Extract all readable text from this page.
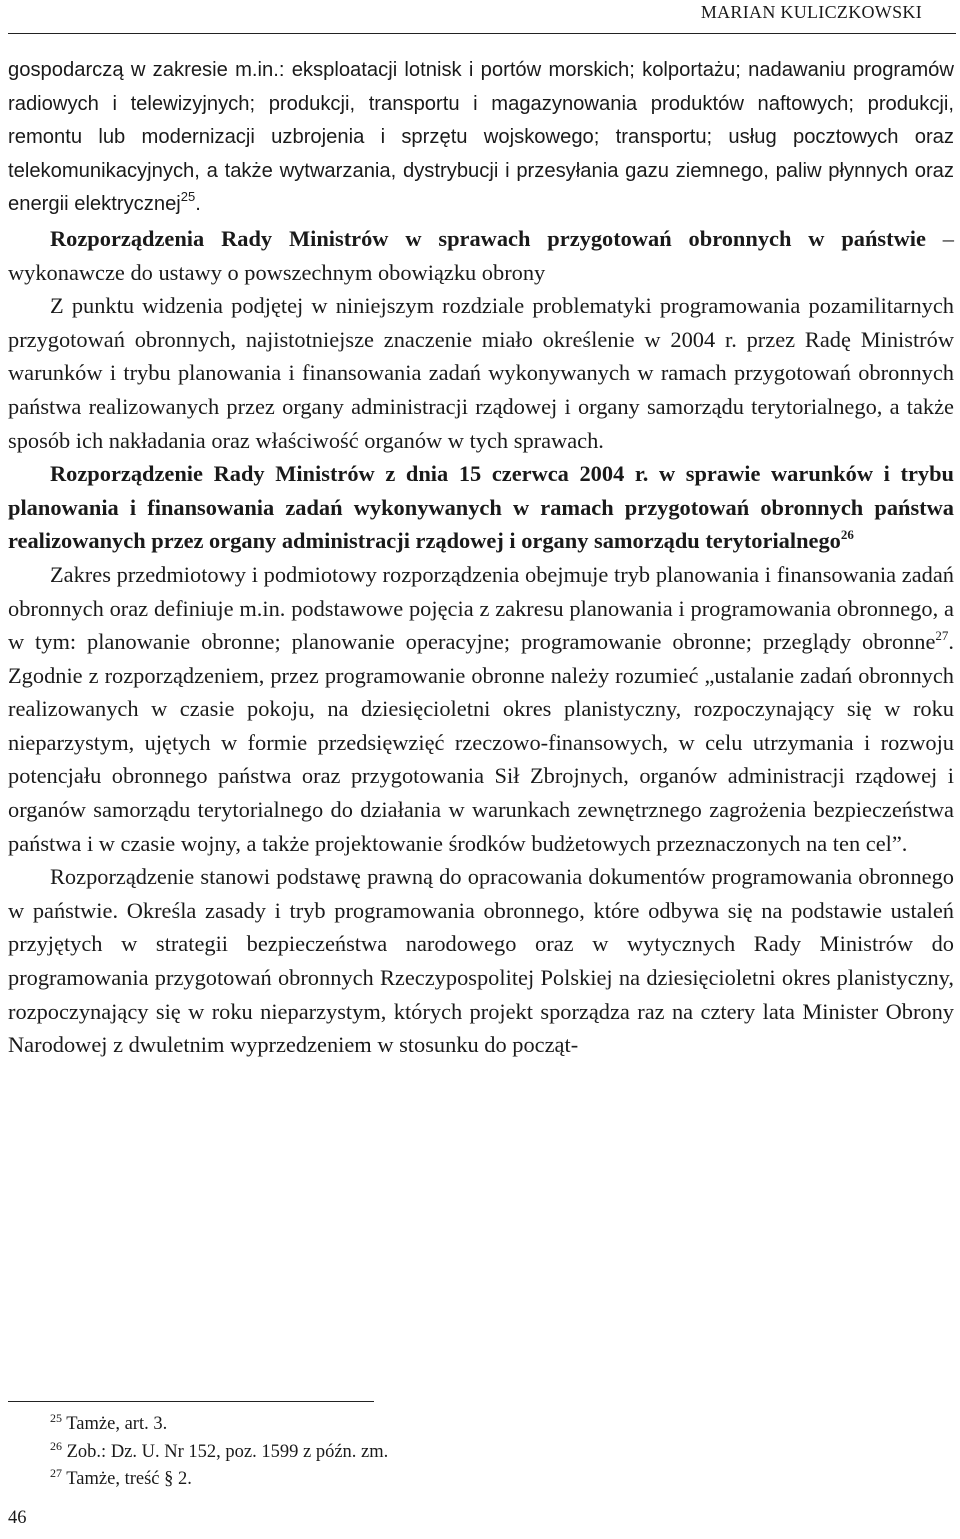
MARIAN KULICZKOWSKI

gospodarczą w zakresie m.in.: eksploatacji lotnisk i portów morskich; kolportażu; nadawaniu programów radiowych i telewizyjnych; produkcji, transportu i magazynowania produktów naftowych; produkcji, remontu lub modernizacji uzbrojenia i sprzętu wojskowego; transportu; usług pocztowych oraz telekomunikacyjnych, a także wytwarzania, dystrybucji i przesyłania gazu ziemnego, paliw płynnych oraz energii elektrycznej$^{25}$.

Rozporządzenia Rady Ministrów w sprawach przygotowań obronnych w państwie –wykonawcze do ustawy o powszechnym obowiązku obrony

Z punktu widzenia podjętej w niniejszym rozdziale problematyki programowania pozamilitarnych przygotowań obronnych, najistotniejsze znaczenie miało określenie w 2004 r. przez Radę Ministrów warunków i trybu planowania i finansowania zadań wykonywanych w ramach przygotowań obronnych państwa realizowanych przez organy administracji rządowej i organy samorządu terytorialnego, a także sposób ich nakładania oraz właściwość organów w tych sprawach.

Rozporządzenie Rady Ministrów z dnia 15 czerwca 2004 r. w sprawie warunków i trybu planowania i finansowania zadań wykonywanych w ramach przygotowań obronnych państwa realizowanych przez organy administracji rządowej i organy samorządu terytorialnego$^{26}$

Zakres przedmiotowy i podmiotowy rozporządzenia obejmuje tryb planowania i finansowania zadań obronnych oraz definiuje m.in. podstawowe pojęcia z zakresu planowania i programowania obronnego, a w tym: planowanie obronne; planowanie operacyjne; programowanie obronne; przeglądy obronne$^{27}$. Zgodnie z rozporządzeniem, przez programowanie obronne należy rozumieć „ustalanie zadań obronnych realizowanych w czasie pokoju, na dziesięcioletni okres planistyczny, rozpoczynający się w roku nieparzystym, ujętych w formie przedsięwzięć rzeczowo-finansowych, w celu utrzymania i rozwoju potencjału obronnego państwa oraz przygotowania Sił Zbrojnych, organów administracji rządowej i organów samorządu terytorialnego do działania w warunkach zewnętrznego zagrożenia bezpieczeństwa państwa i w czasie wojny, a także projektowanie środków budżetowych przeznaczonych na ten cel”.

Rozporządzenie stanowi podstawę prawną do opracowania dokumentów programowania obronnego w państwie. Określa zasady i tryb programowania obronnego, które odbywa się na podstawie ustaleń przyjętych w strategii bezpieczeństwa narodowego oraz w wytycznych Rady Ministrów do programowania przygotowań obronnych Rzeczypospolitej Polskiej na dziesięcioletni okres planistyczny, rozpoczynający się w roku nieparzystym, których projekt sporządza raz na cztery lata Minister Obrony Narodowej z dwuletnim wyprzedzeniem w stosunku do począt-

$^{25}$ Tamże, art. 3.
$^{26}$ Zob.: Dz. U. Nr 152, poz. 1599 z późn. zm.
$^{27}$ Tamże, treść § 2.
46
